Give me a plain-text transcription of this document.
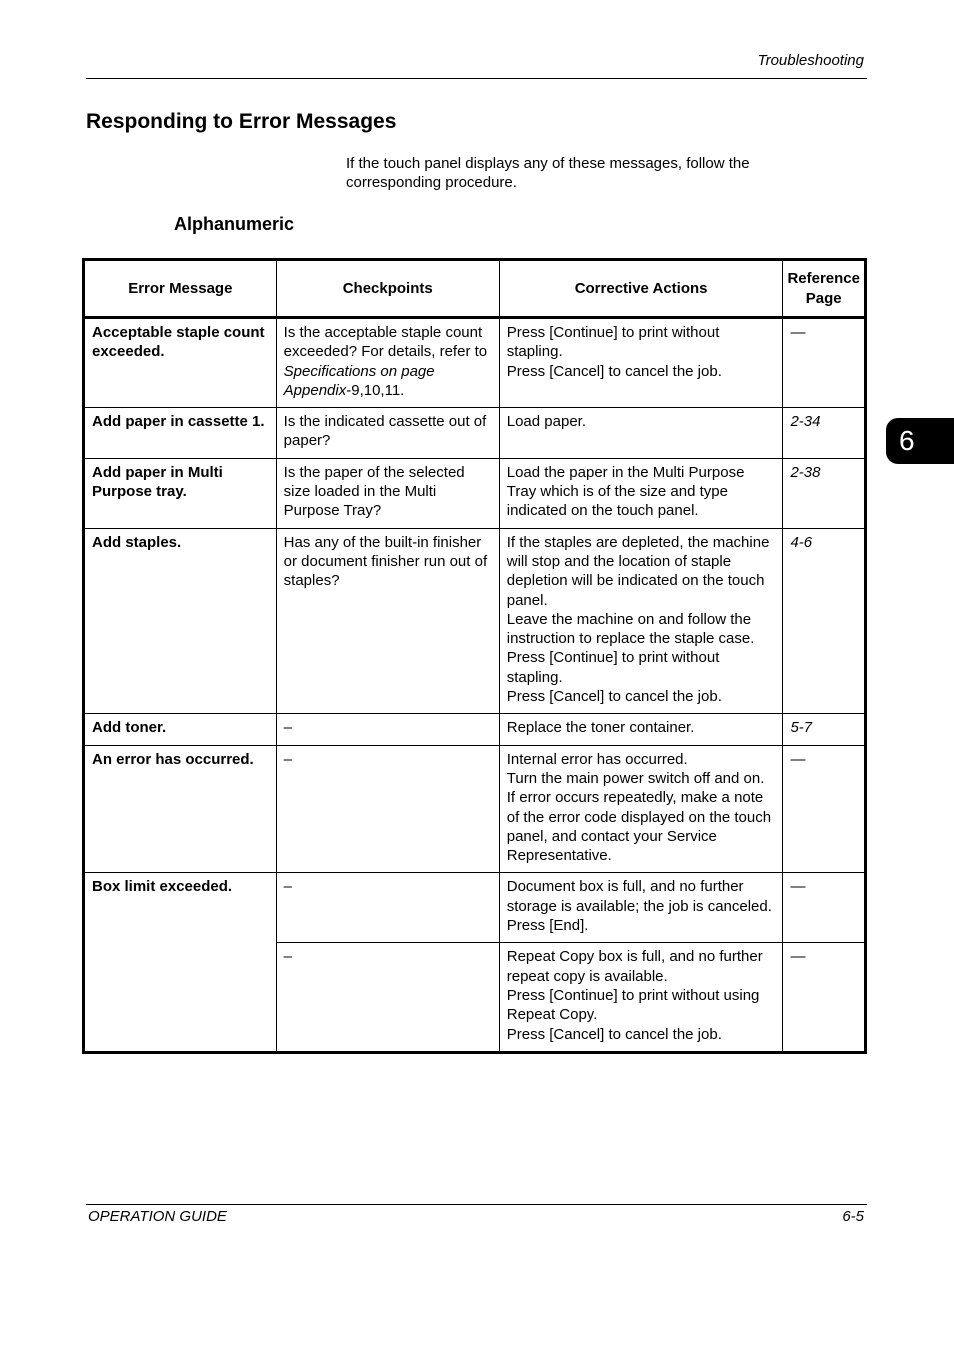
Troubleshooting
Responding to Error Messages

If the touch panel displays any of these messages, follow the corresponding procedure.

Alphanumeric
6
Error Message	Checkpoints	Corrective Actions	Reference
Page

Acceptable staple count exceeded.	Is the acceptable staple count exceeded? For details, refer to Specifications on page Appendix-9,10,11.	Press [Continue] to print without stapling.
Press [Cancel] to cancel the job.	—
Add paper in cassette 1.	Is the indicated cassette out of paper?	Load paper.	2-34
Add paper in Multi Purpose tray.	Is the paper of the selected size loaded in the Multi Purpose Tray?	Load the paper in the Multi Purpose Tray which is of the size and type indicated on the touch panel.	2-38
Add staples.	Has any of the built-in finisher or document finisher run out of staples?	If the staples are depleted, the machine will stop and the location of staple depletion will be indicated on the touch panel.
Leave the machine on and follow the instruction to replace the staple case.
Press [Continue] to print without stapling.
Press [Cancel] to cancel the job.	4-6
Add toner.	–	Replace the toner container.	5-7
An error has occurred.	–	Internal error has occurred.
Turn the main power switch off and on.
If error occurs repeatedly, make a note of the error code displayed on the touch panel, and contact your Service Representative.	—
Box limit exceeded.	–	Document box is full, and no further storage is available; the job is canceled. Press [End].	—
	–	Repeat Copy box is full, and no further repeat copy is available.
Press [Continue] to print without using Repeat Copy.
Press [Cancel] to cancel the job.	—
OPERATION GUIDE	6-5
